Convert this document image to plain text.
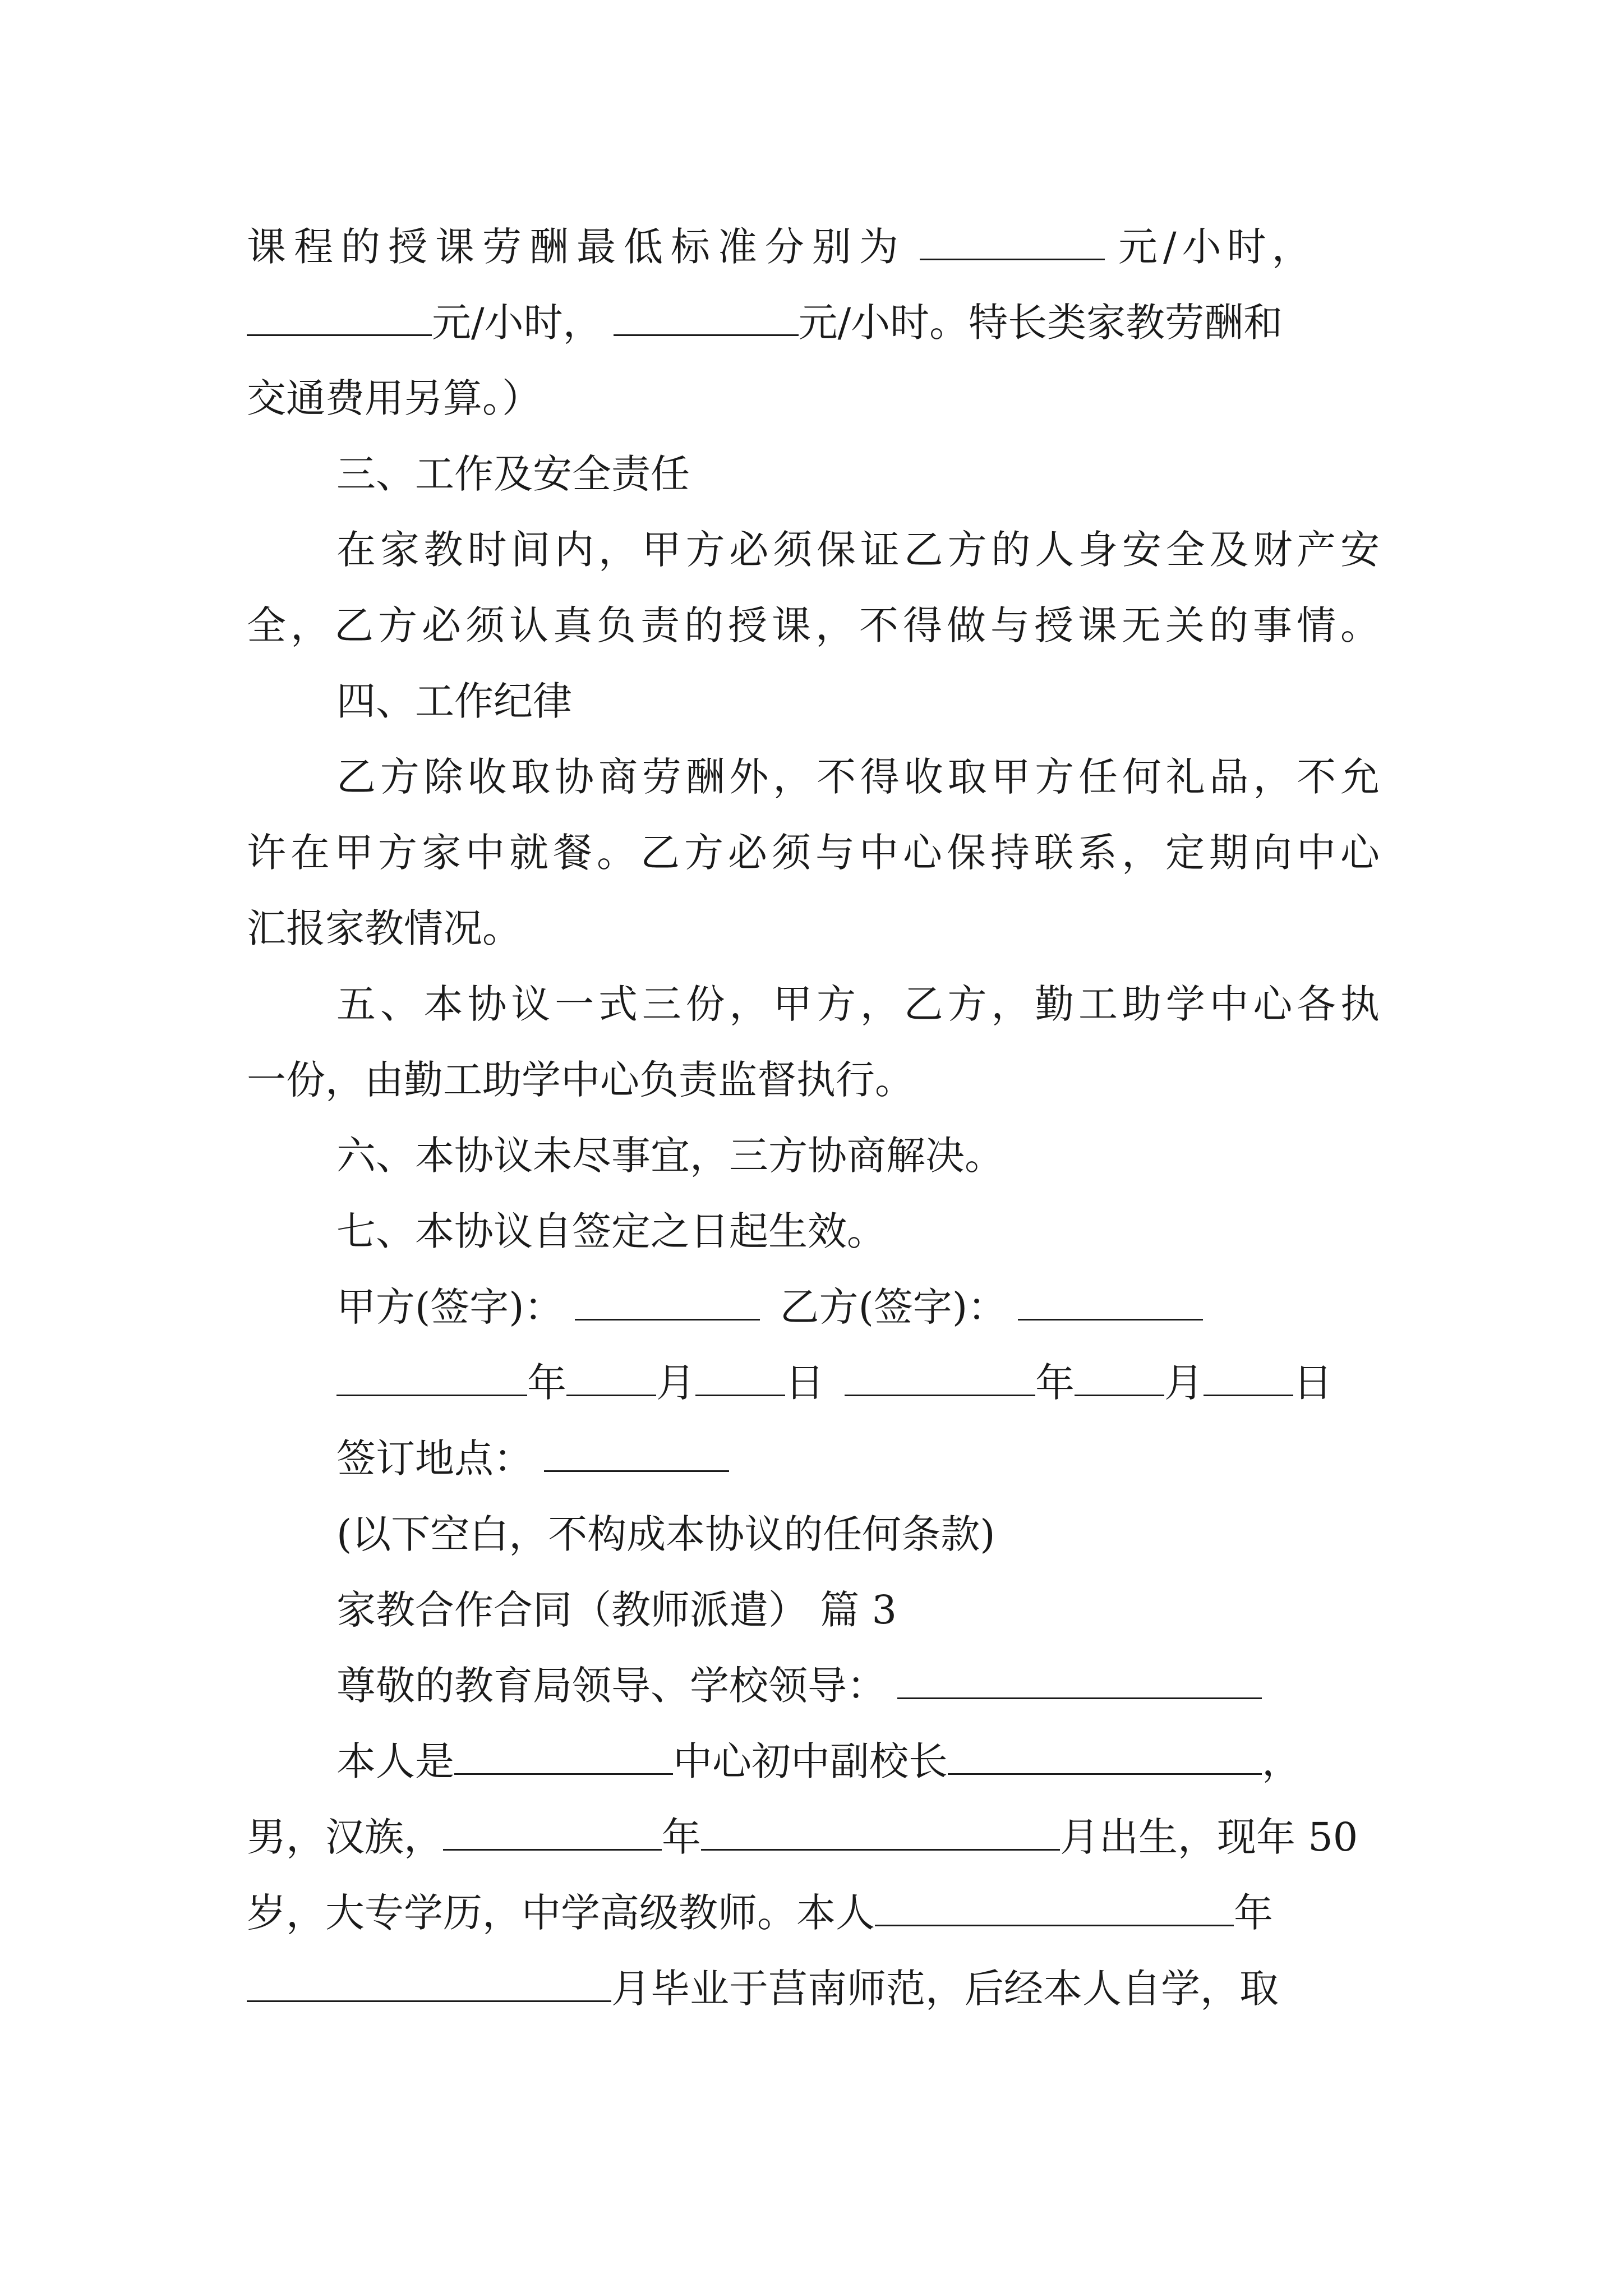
课程的授课劳酬最低标准分别为	元/小时，
元/小时，	元/小时。特长类家教劳酬和
交通费用另算。）
三、工作及安全责任
在家教时间内，甲方必须保证乙方的人身安全及财产安
全，乙方必须认真负责的授课，不得做与授课无关的事情。
四、工作纪律
乙方除收取协商劳酬外，不得收取甲方任何礼品，不允
许在甲方家中就餐。乙方必须与中心保持联系，定期向中心
汇报家教情况。
五、本协议一式三份，甲方，乙方，勤工助学中心各执
一份，由勤工助学中心负责监督执行。
六、本协议未尽事宜，三方协商解决。
七、本协议自签定之日起生效。
甲方(签字)：	乙方(签字)：
年 月 日	年 月 日
签订地点：
(以下空白，不构成本协议的任何条款)
家教合作合同（教师派遣） 篇 3
尊敬的教育局领导、学校领导：
本人是	中心初中副校长	，
男，汉族，	年	月出生，现年 50
岁，大专学历，中学高级教师。本人	年
月毕业于莒南师范，后经本人自学，取
